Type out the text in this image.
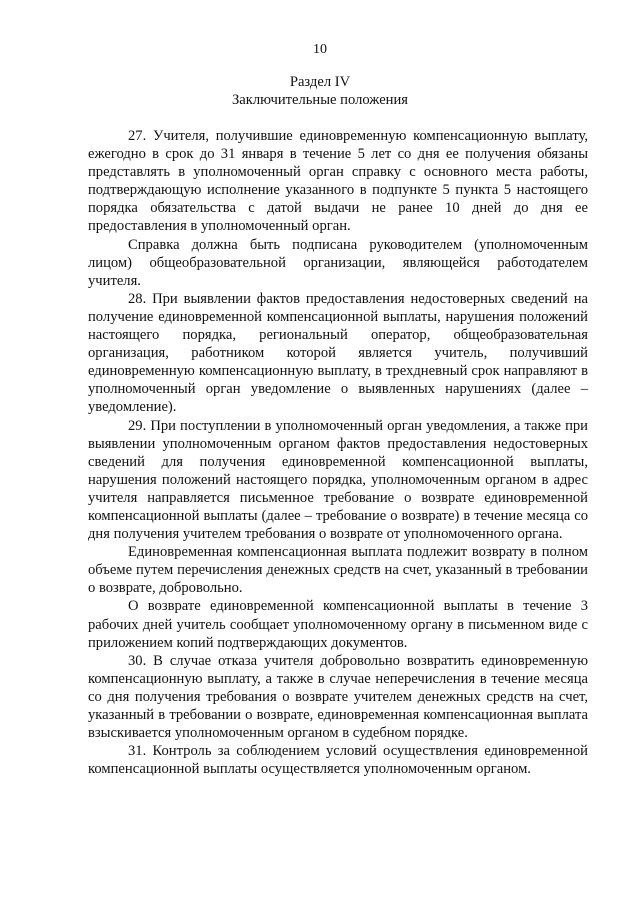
10
Раздел IV
Заключительные положения

27. Учителя, получившие единовременную компенсационную выплату, ежегодно в срок до 31 января в течение 5 лет со дня ее получения обязаны представлять в уполномоченный орган справку с основного места работы, подтверждающую исполнение указанного в подпункте 5 пункта 5 настоящего порядка обязательства с датой выдачи не ранее 10 дней до дня ее предоставления в уполномоченный орган.

Справка должна быть подписана руководителем (уполномоченным лицом) общеобразовательной организации, являющейся работодателем учителя.

28. При выявлении фактов предоставления недостоверных сведений на получение единовременной компенсационной выплаты, нарушения положений настоящего порядка, региональный оператор, общеобразовательная организация, работником которой является учитель, получивший единовременную компенсационную выплату, в трехдневный срок направляют в уполномоченный орган уведомление о выявленных нарушениях (далее – уведомление).

29. При поступлении в уполномоченный орган уведомления, а также при выявлении уполномоченным органом фактов предоставления недостоверных сведений для получения единовременной компенсационной выплаты, нарушения положений настоящего порядка, уполномоченным органом в адрес учителя направляется письменное требование о возврате единовременной компенсационной выплаты (далее – требование о возврате) в течение месяца со дня получения учителем требования о возврате от уполномоченного органа.

Единовременная компенсационная выплата подлежит возврату в полном объеме путем перечисления денежных средств на счет, указанный в требовании о возврате, добровольно.

О возврате единовременной компенсационной выплаты в течение 3 рабочих дней учитель сообщает уполномоченному органу в письменном виде с приложением копий подтверждающих документов.

30. В случае отказа учителя добровольно возвратить единовременную компенсационную выплату, а также в случае неперечисления в течение месяца со дня получения требования о возврате учителем денежных средств на счет, указанный в требовании о возврате, единовременная компенсационная выплата взыскивается уполномоченным органом в судебном порядке.

31. Контроль за соблюдением условий осуществления единовременной компенсационной выплаты осуществляется уполномоченным органом.
